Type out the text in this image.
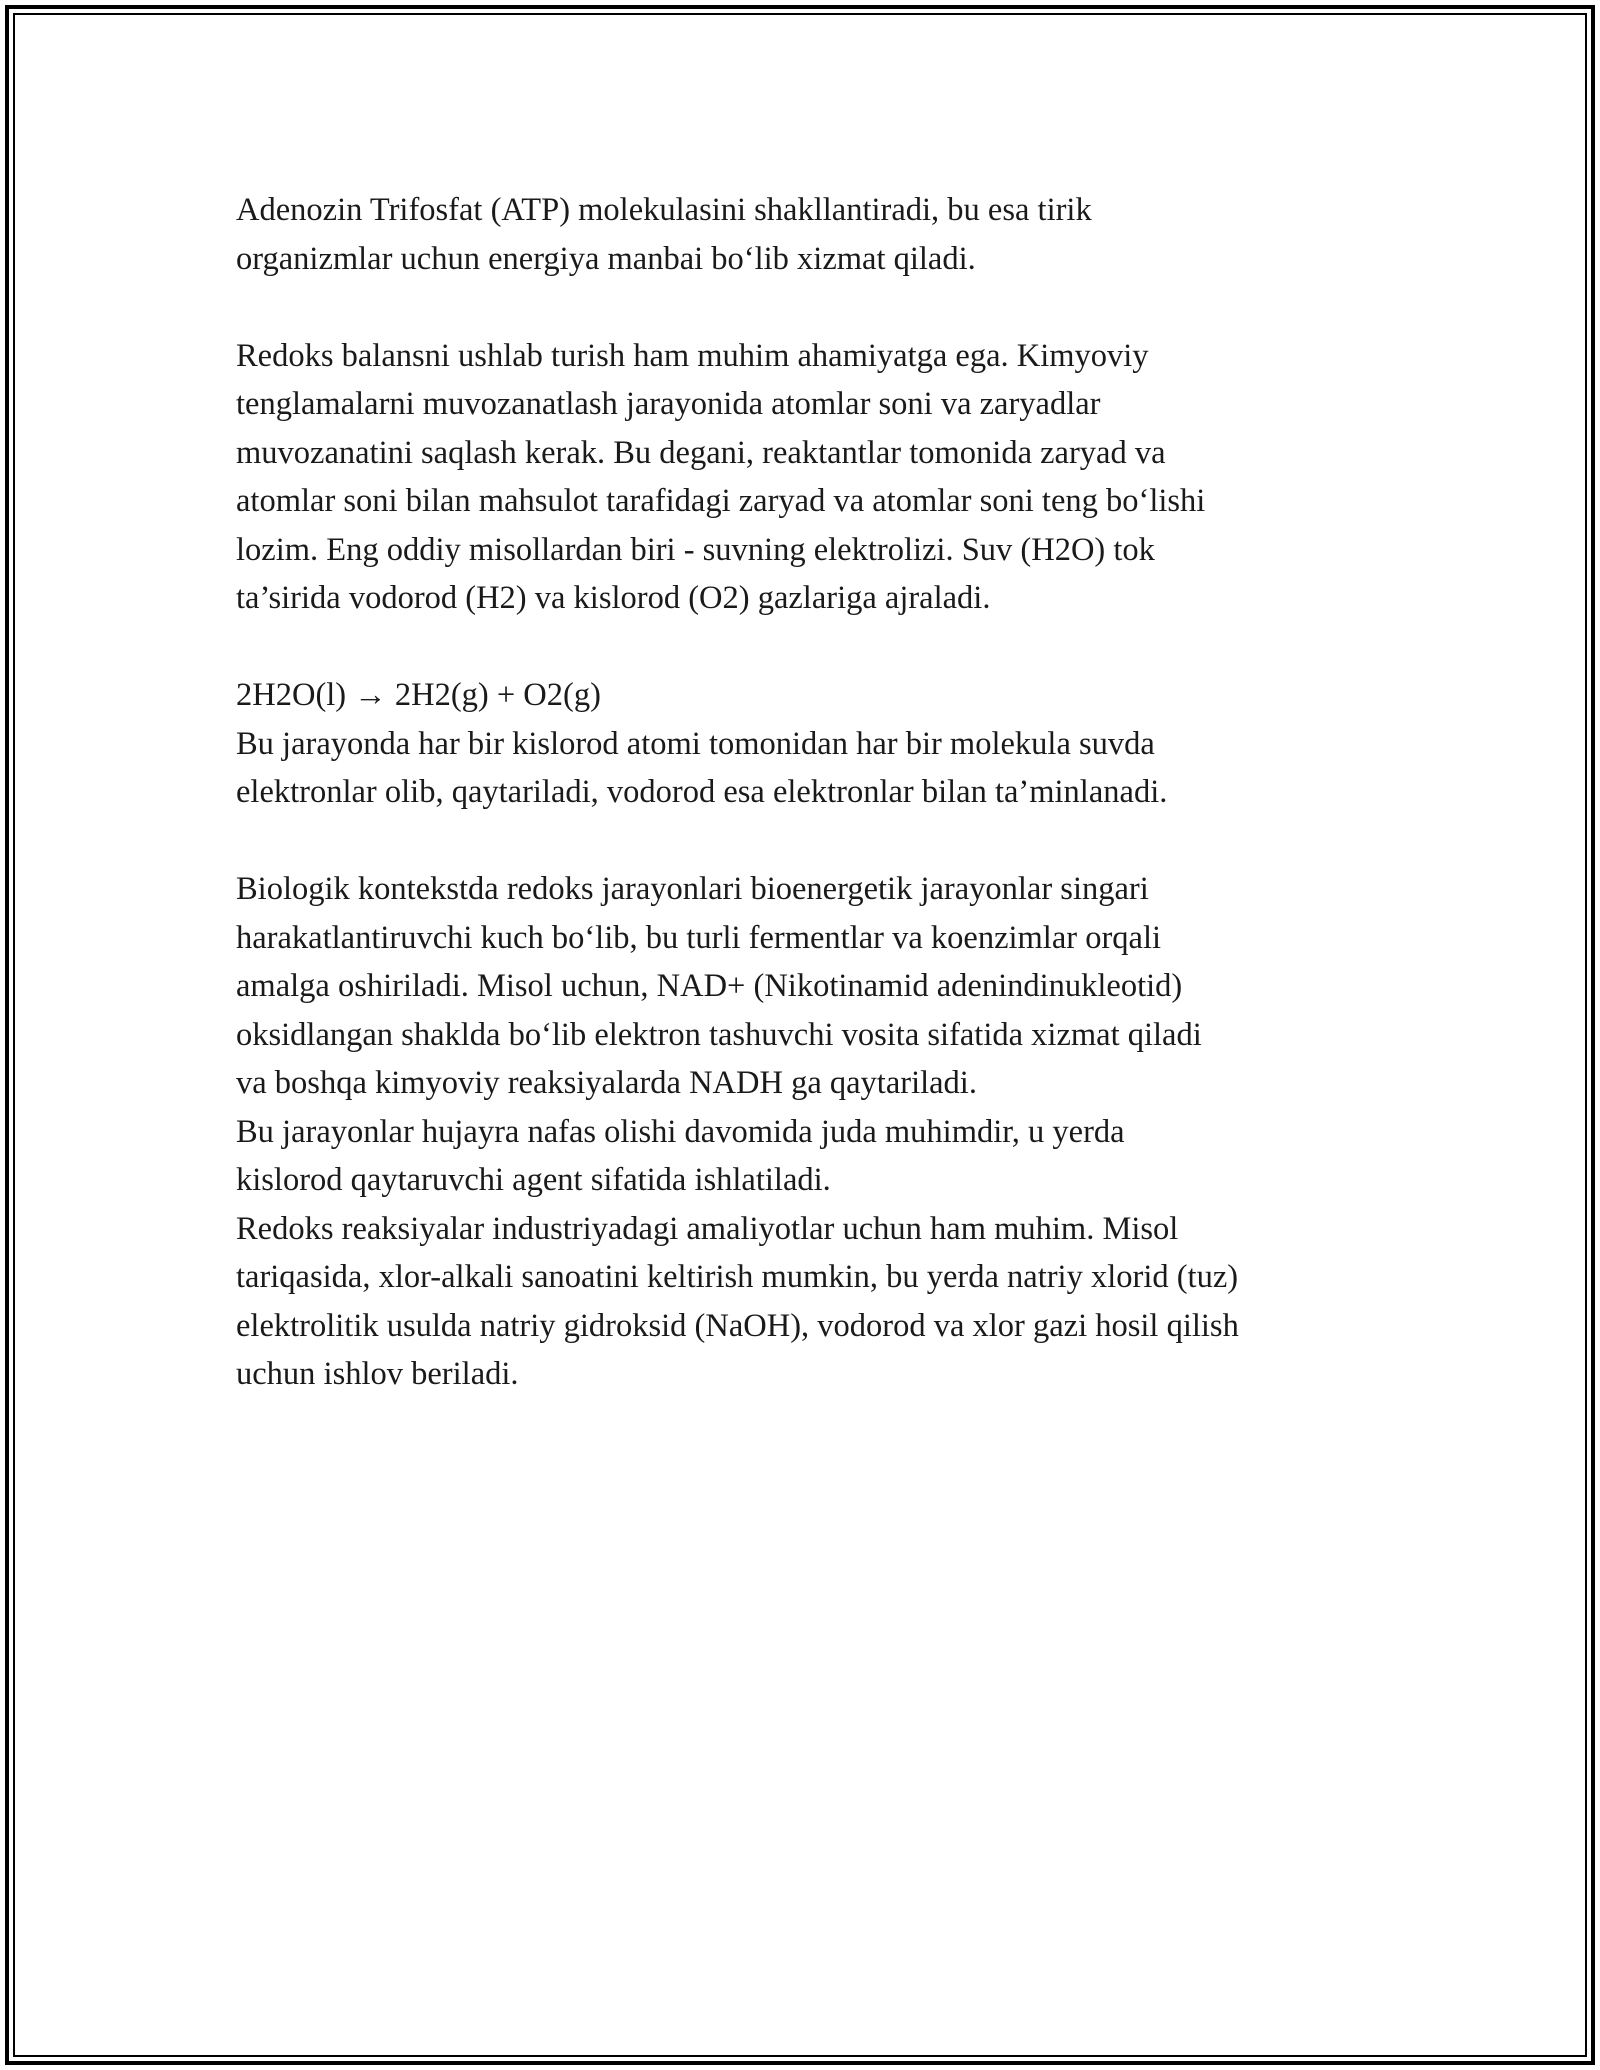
Adenozin Trifosfat (ATP) molekulasini shakllantiradi, bu esa tirik
organizmlar uchun energiya manbai bo‘lib xizmat qiladi.
Redoks balansni ushlab turish ham muhim ahamiyatga ega. Kimyoviy
tenglamalarni muvozanatlash jarayonida atomlar soni va zaryadlar
muvozanatini saqlash kerak. Bu degani, reaktantlar tomonida zaryad va
atomlar soni bilan mahsulot tarafidagi zaryad va atomlar soni teng bo‘lishi
lozim. Eng oddiy misollardan biri - suvning elektrolizi. Suv (H2O) tok
ta’sirida vodorod (H2) va kislorod (O2) gazlariga ajraladi.
2H2O(l) → 2H2(g) + O2(g)
Bu jarayonda har bir kislorod atomi tomonidan har bir molekula suvda
elektronlar olib, qaytariladi, vodorod esa elektronlar bilan ta’minlanadi.
Biologik kontekstda redoks jarayonlari bioenergetik jarayonlar singari
harakatlantiruvchi kuch bo‘lib, bu turli fermentlar va koenzimlar orqali
amalga oshiriladi. Misol uchun, NAD+ (Nikotinamid adenindinukleotid)
oksidlangan shaklda bo‘lib elektron tashuvchi vosita sifatida xizmat qiladi
va boshqa kimyoviy reaksiyalarda NADH ga qaytariladi.
Bu jarayonlar hujayra nafas olishi davomida juda muhimdir, u yerda
kislorod qaytaruvchi agent sifatida ishlatiladi.
Redoks reaksiyalar industriyadagi amaliyotlar uchun ham muhim. Misol
tariqasida, xlor-alkali sanoatini keltirish mumkin, bu yerda natriy xlorid (tuz)
elektrolitik usulda natriy gidroksid (NaOH), vodorod va xlor gazi hosil qilish
uchun ishlov beriladi.
